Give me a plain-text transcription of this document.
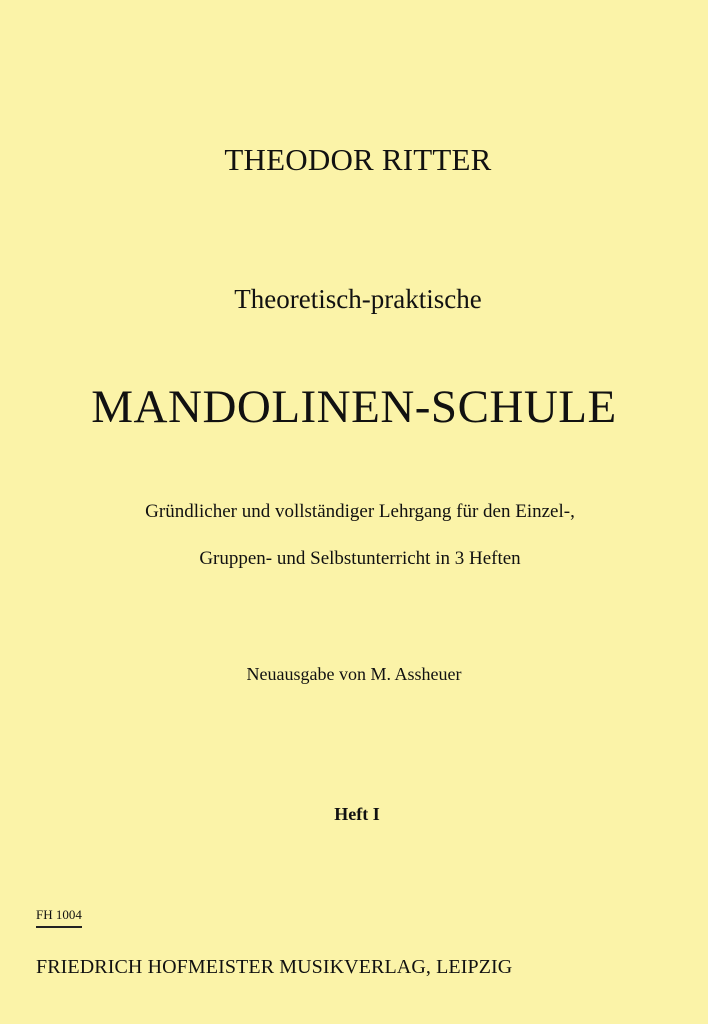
THEODOR RITTER
Theoretisch-praktische
MANDOLINEN-SCHULE
Gründlicher und vollständiger Lehrgang für den Einzel-,
Gruppen- und Selbstunterricht in 3 Heften
Neuausgabe von M. Assheuer
Heft I
FH 1004
FRIEDRICH HOFMEISTER MUSIKVERLAG, LEIPZIG
